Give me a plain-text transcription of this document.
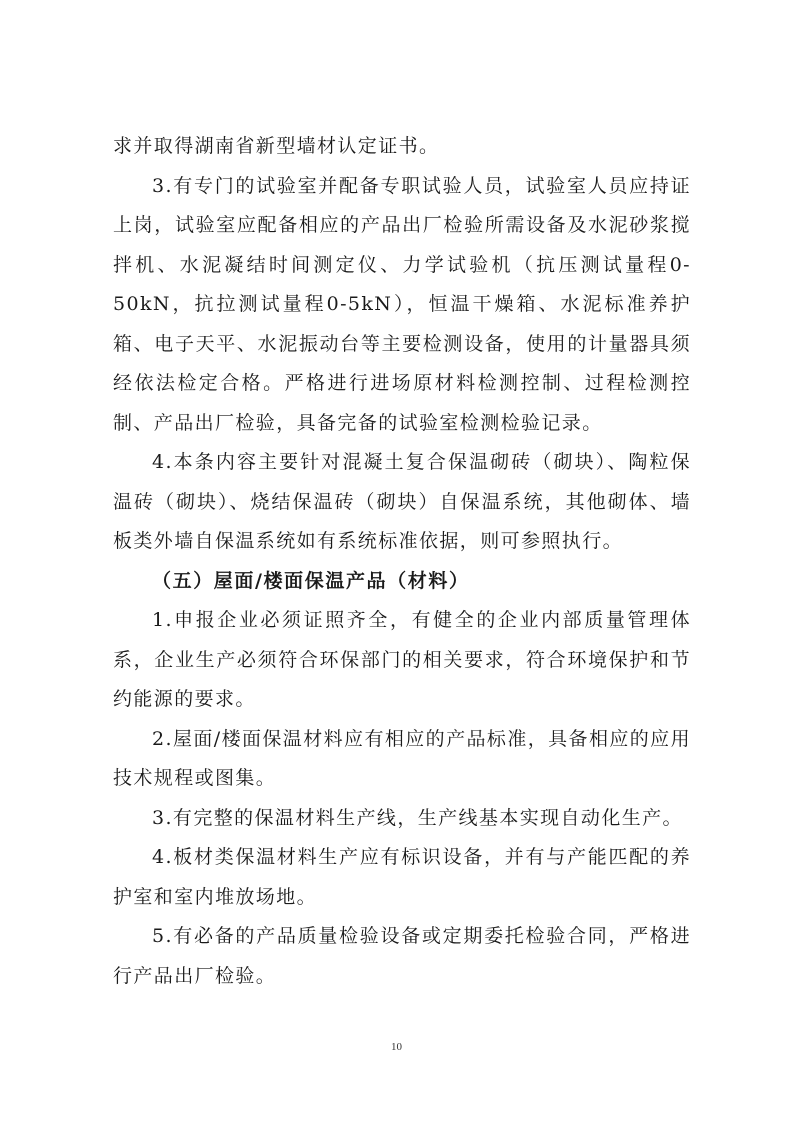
求并取得湖南省新型墙材认定证书。

3.有专门的试验室并配备专职试验人员，试验室人员应持证上岗，试验室应配备相应的产品出厂检验所需设备及水泥砂浆搅拌机、水泥凝结时间测定仪、力学试验机（抗压测试量程0-50kN，抗拉测试量程0-5kN），恒温干燥箱、水泥标准养护箱、电子天平、水泥振动台等主要检测设备，使用的计量器具须经依法检定合格。严格进行进场原材料检测控制、过程检测控制、产品出厂检验，具备完备的试验室检测检验记录。

4.本条内容主要针对混凝土复合保温砌砖（砌块）、陶粒保温砖（砌块）、烧结保温砖（砌块）自保温系统，其他砌体、墙板类外墙自保温系统如有系统标准依据，则可参照执行。

（五）屋面/楼面保温产品（材料）

1.申报企业必须证照齐全，有健全的企业内部质量管理体系，企业生产必须符合环保部门的相关要求，符合环境保护和节约能源的要求。

2.屋面/楼面保温材料应有相应的产品标准，具备相应的应用技术规程或图集。

3.有完整的保温材料生产线，生产线基本实现自动化生产。

4.板材类保温材料生产应有标识设备，并有与产能匹配的养护室和室内堆放场地。

5.有必备的产品质量检验设备或定期委托检验合同，严格进行产品出厂检验。

10
